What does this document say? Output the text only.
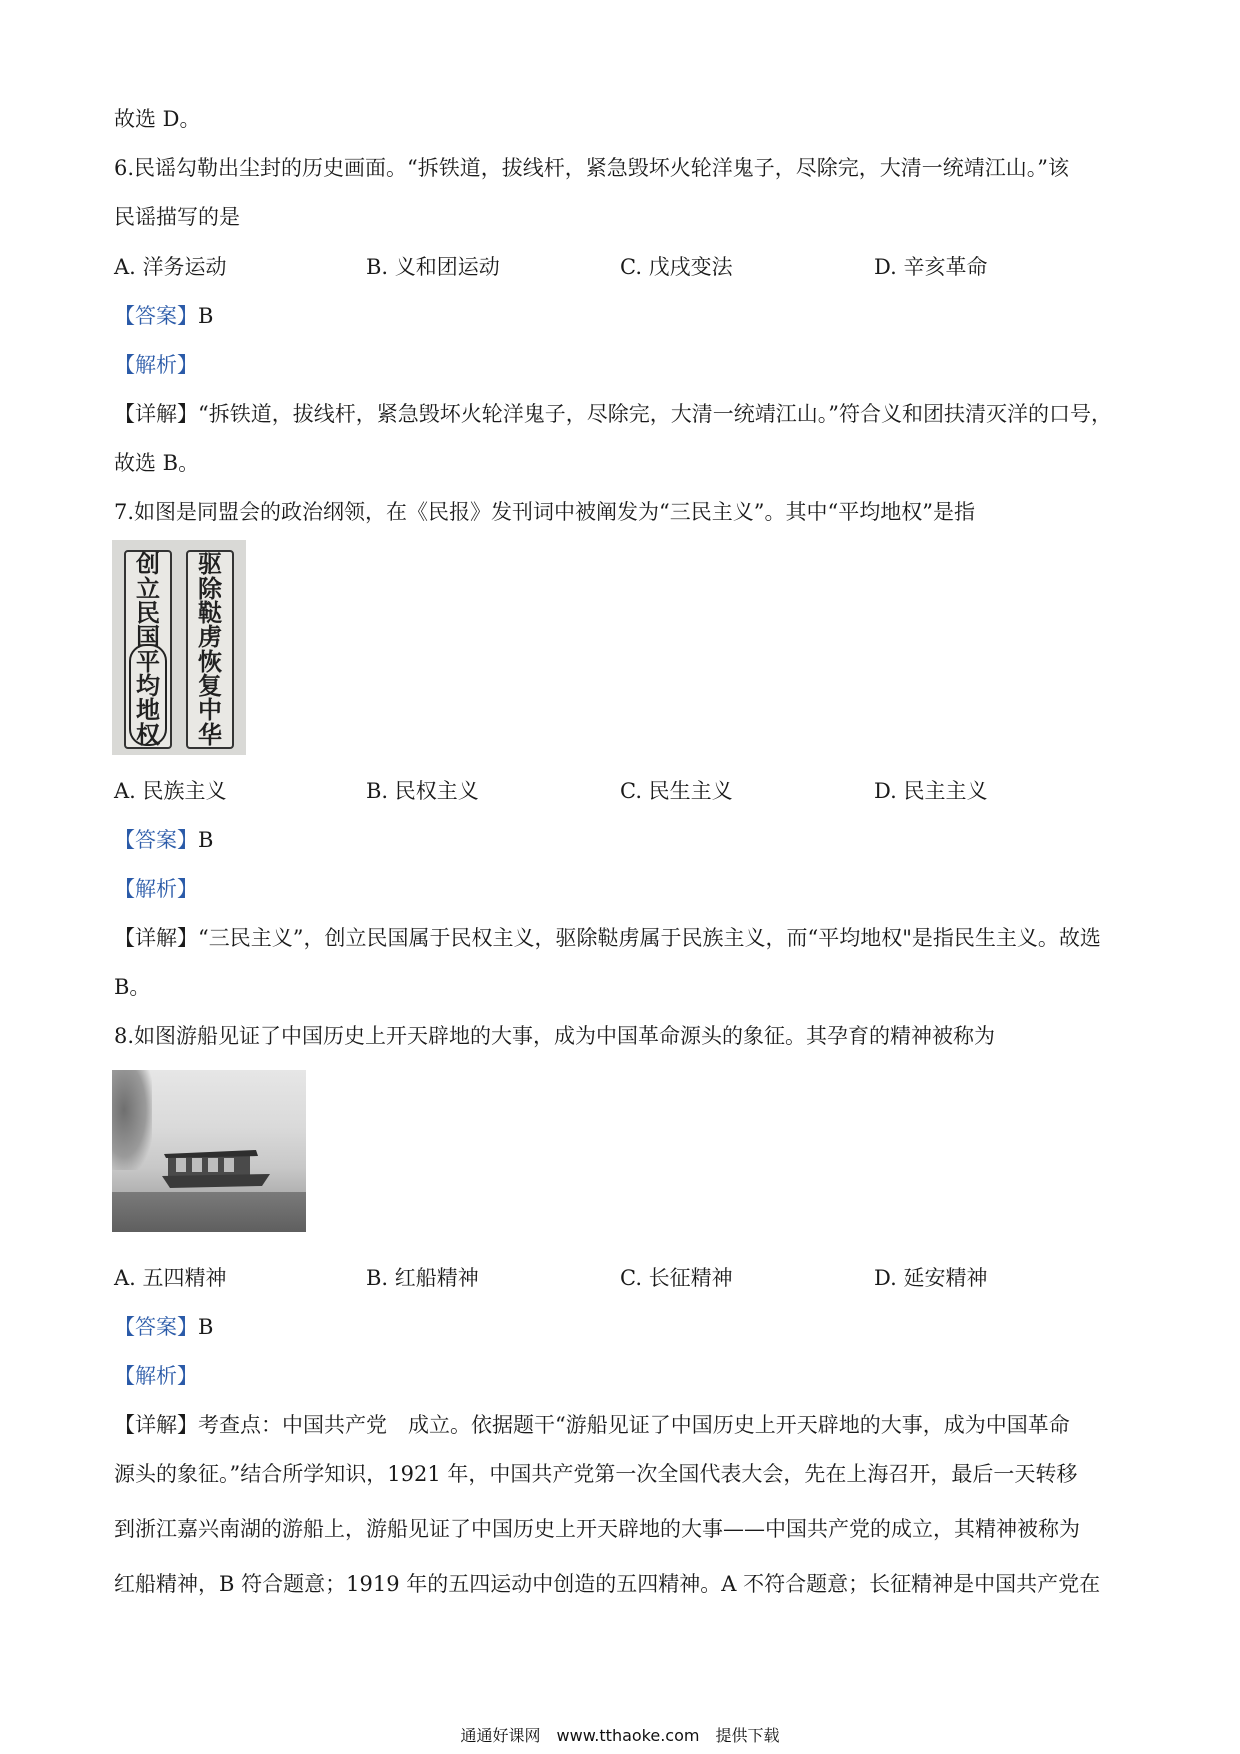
故选 D。
6.民谣勾勒出尘封的历史画面。“拆铁道，拔线杆，紧急毁坏火轮洋鬼子，尽除完，大清一统靖江山。”该
民谣描写的是
A. 洋务运动	B. 义和团运动	C. 戊戌变法	D. 辛亥革命
【答案】B
【解析】
【详解】“拆铁道，拔线杆，紧急毁坏火轮洋鬼子，尽除完，大清一统靖江山。”符合义和团扶清灭洋的口号，
故选 B。
7.如图是同盟会的政治纲领，在《民报》发刊词中被阐发为“三民主义”。其中“平均地权”是指
创
立
民
国
平
均
地
权
驱
除
鞑
虏
恢
复
中
华
A. 民族主义	B. 民权主义	C. 民生主义	D. 民主主义
【答案】B
【解析】
【详解】“三民主义”，创立民国属于民权主义，驱除鞑虏属于民族主义，而“平均地权"是指民生主义。故选
B。
8.如图游船见证了中国历史上开天辟地的大事，成为中国革命源头的象征。其孕育的精神被称为
A. 五四精神	B. 红船精神	C. 长征精神	D. 延安精神
【答案】B
【解析】
【详解】考查点：中国共产党　成立。依据题干“游船见证了中国历史上开天辟地的大事，成为中国革命
源头的象征。”结合所学知识，1921 年，中国共产党第一次全国代表大会，先在上海召开，最后一天转移
到浙江嘉兴南湖的游船上，游船见证了中国历史上开天辟地的大事——中国共产党的成立，其精神被称为
红船精神，B 符合题意；1919 年的五四运动中创造的五四精神。A 不符合题意；长征精神是中国共产党在
通通好课网　www.tthaoke.com　提供下载
